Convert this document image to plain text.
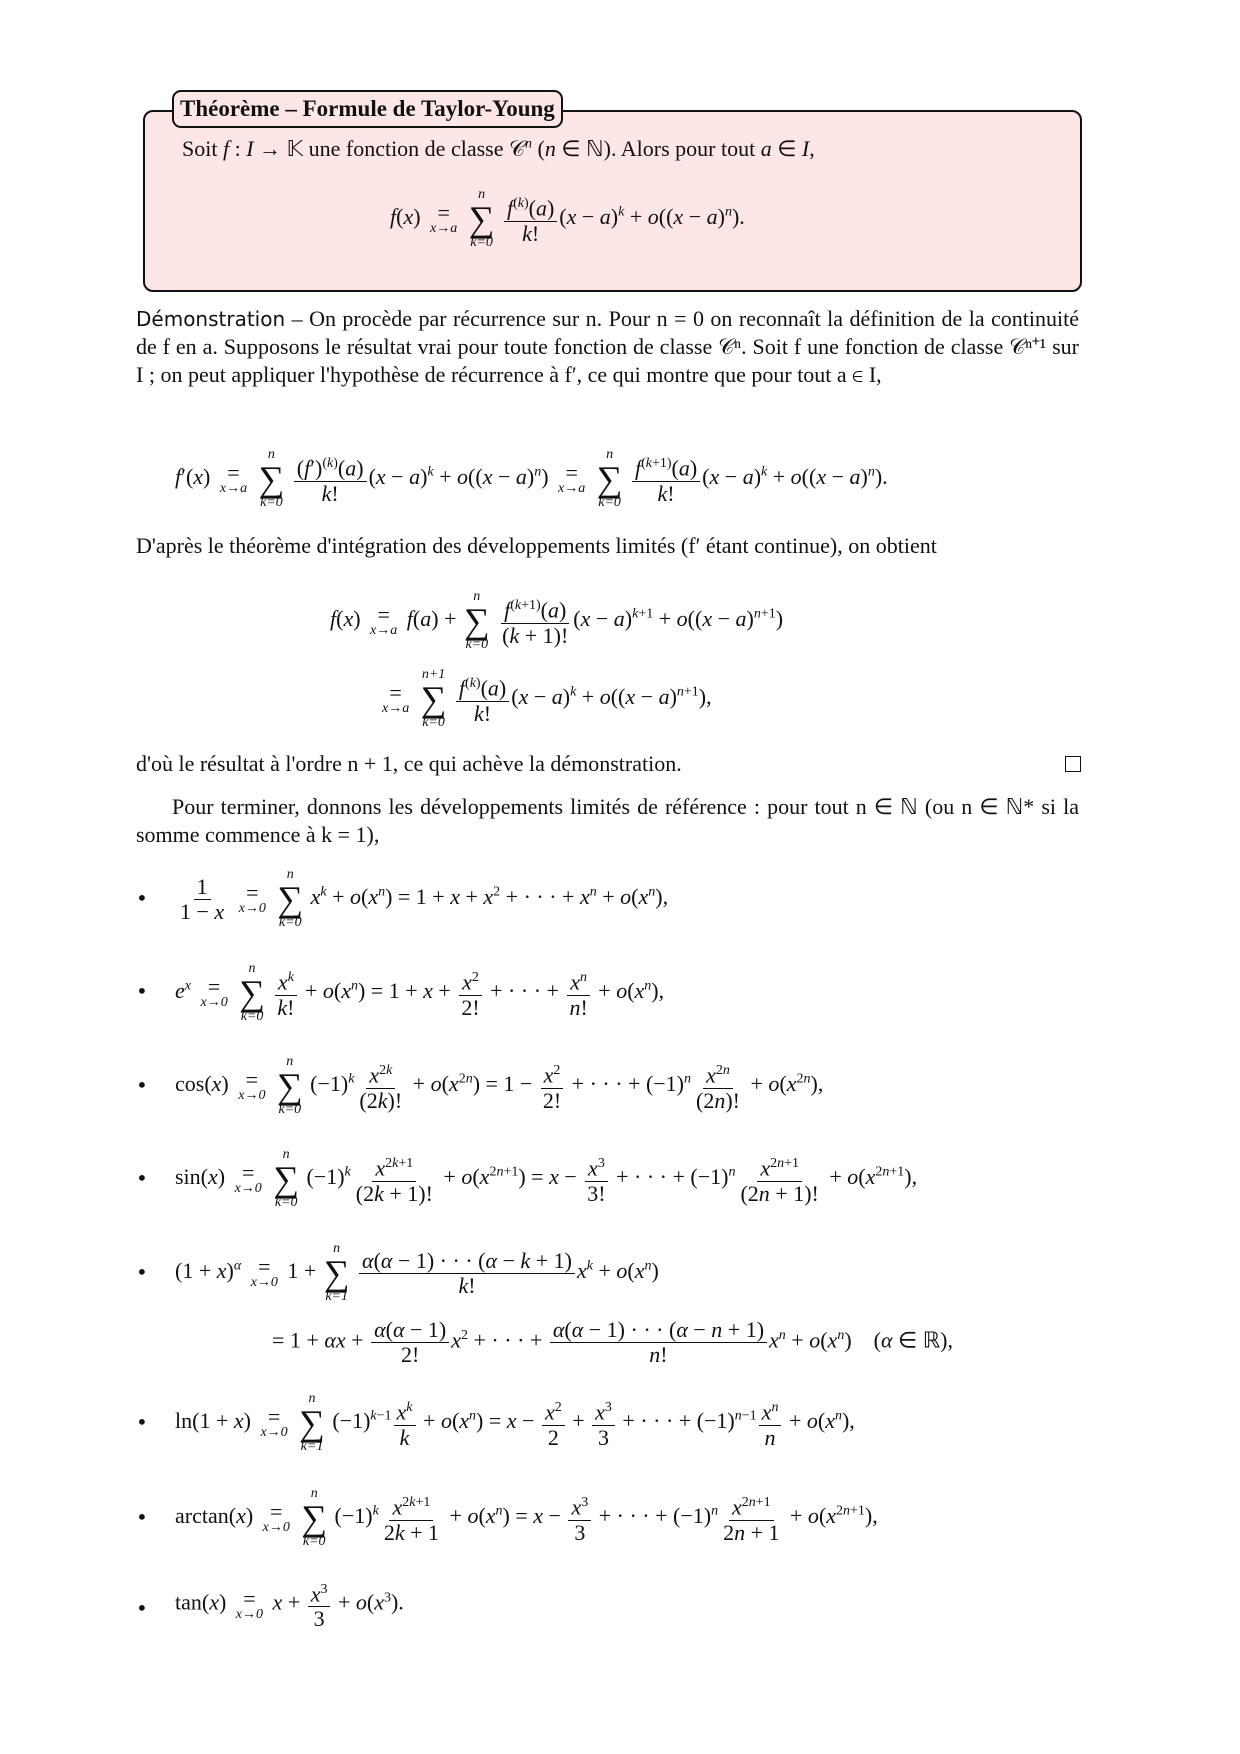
Théorème – Formule de Taylor-Young
Soit f : I → 𝕂 une fonction de classe 𝒞$^n$ (n ∈ ℕ). Alors pour tout a ∈ I,
f(x) =
x→a

n
∑
k=0
$\frac{f^{(k)}(a)}{k!} (x - a)^k + o((x - a)^n)$.
Démonstration – On procède par récurrence sur n. Pour n = 0 on reconnaît la définition de la continuité de f en a. Supposons le résultat vrai pour toute fonction de classe 𝒞ⁿ. Soit f une fonction de classe 𝒞ⁿ⁺¹ sur I ; on peut appliquer l'hypothèse de récurrence à f′, ce qui montre que pour tout a ∈ I,
f′(x) =
x→a

n
∑
k=0
$\frac{(f')^{(k)}(a)}{k!} (x - a)^k + o((x - a)^n)$ =
x→a

n
∑
k=0
$\frac{f^{(k+1)}(a)}{k!} (x - a)^k + o((x - a)^n)$.
D'après le théorème d'intégration des développements limités (f′ étant continue), on obtient
f(x) =
x→a f(a) +
n
∑
k=0
$\frac{f^{(k+1)}(a)}{(k + 1)!} (x - a)^{k+1} + o((x - a)^{n+1})$
=
x→a

n+1
∑
k=0
$\frac{f^{(k)}(a)}{k!} (x - a)^k + o((x - a)^{n+1})$,
d'où le résultat à l'ordre n + 1, ce qui achève la démonstration.
Pour terminer, donnons les développements limités de référence : pour tout n ∈ ℕ (ou n ∈ ℕ* si la somme commence à k = 1),
• $\frac{1}{1 - x}$
=
x→0

n
∑
k=0
$x^k + o(x^n) = 1 + x + x^2$ + · · · + $x^n + o(x^n)$,
• $e^x$ =
x→0

n
∑
k=0
$\frac{x^k}{k!} + o(x^n) = 1 + x + \frac{x^2}{2!}$ + · · · + $\frac{x^n}{n!} + o(x^n)$,
• cos(x) =
x→0

n
∑
k=0
$(-1)^k \frac{x^{2k}}{(2k)!} + o(x^{2n}) = 1 - \frac{x^2}{2!}$ + · · · + $(-1)^n \frac{x^{2n}}{(2n)!} + o(x^{2n})$,
• sin(x) =
x→0

n
∑
k=0
$(-1)^k \frac{x^{2k+1}}{(2k + 1)!} + o(x^{2n+1}) = x - \frac{x^3}{3!}$ + · · · + $(-1)^n \frac{x^{2n+1}}{(2n + 1)!} + o(x^{2n+1})$,
• $(1 + x)^\alpha$ =
x→0 1 +
n
∑
k=1
$\frac{\alpha(\alpha - 1) \cdot \cdot \cdot (\alpha - k + 1)}{k!} x^k + o(x^n)$
= $1 + \alpha x + \frac{\alpha(\alpha - 1)}{2!} x^2$ + · · · + $\frac{\alpha(\alpha - 1) \cdot \cdot \cdot (\alpha - n + 1)}{n!} x^n + o(x^n)$    (α ∈ ℝ),
• ln(1 + x) =
x→0

n
∑
k=1
$(-1)^{k-1} \frac{x^k}{k} + o(x^n) = x - \frac{x^2}{2} + \frac{x^3}{3}$ + · · · + $(-1)^{n-1} \frac{x^n}{n} + o(x^n)$,
• arctan(x) =
x→0

n
∑
k=0
$(-1)^k \frac{x^{2k+1}}{2k + 1} + o(x^n) = x - \frac{x^3}{3}$ + · · · + $(-1)^n \frac{x^{2n+1}}{2n + 1} + o(x^{2n+1})$,
• tan(x) =
x→0 $x + \frac{x^3}{3} + o(x^3)$.
